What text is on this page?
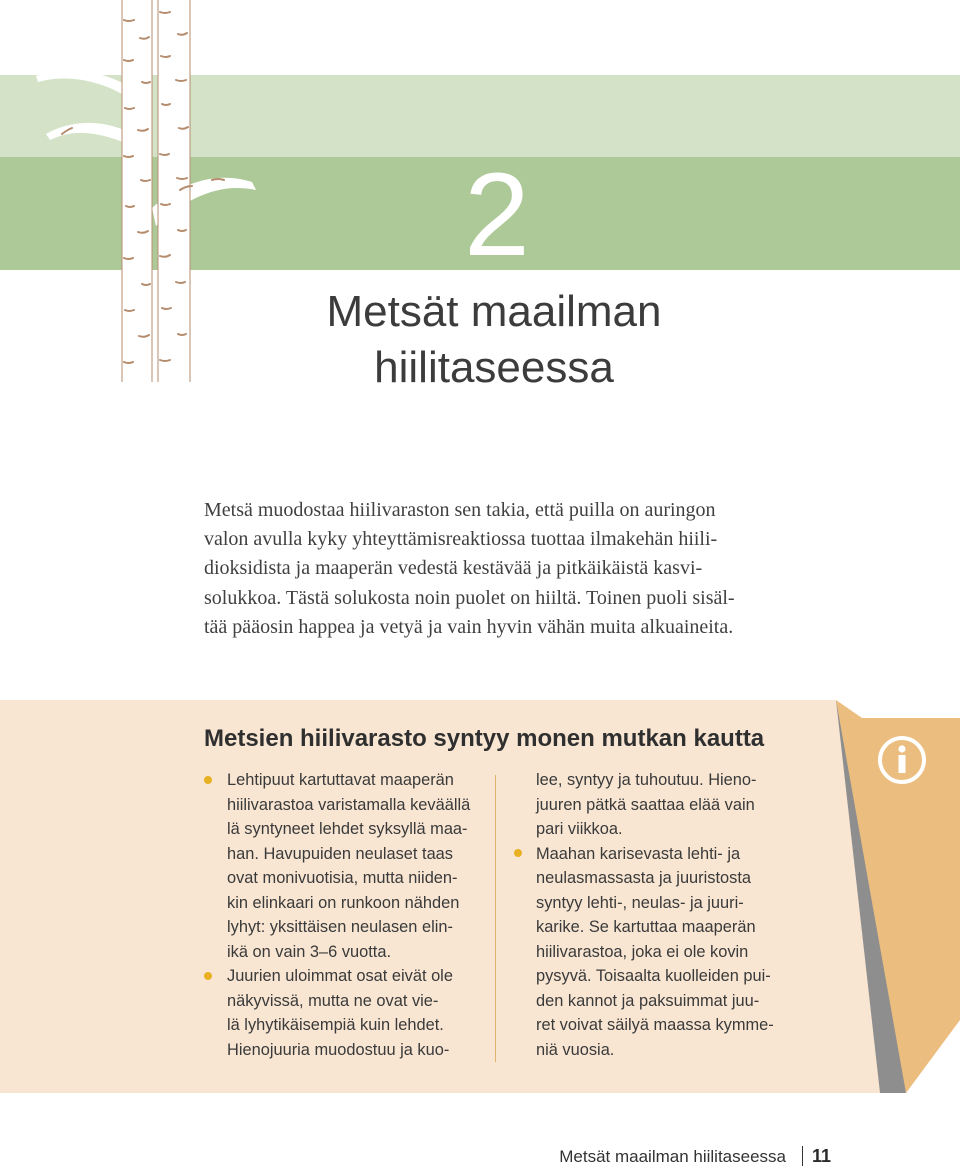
2
Metsät maailman
hiilitaseessa
Metsä muodostaa hiilivaraston sen takia, että puilla on auringon
valon avulla kyky yhteyttämisreaktiossa tuottaa ilmakehän hiili-
dioksidista ja maaperän vedestä kestävää ja pitkäikäistä kasvi-
solukkoa. Tästä solukosta noin puolet on hiiltä. Toinen puoli sisäl-
tää pääosin happea ja vetyä ja vain hyvin vähän muita alkuaineita.
Metsien hiilivarasto syntyy monen mutkan kautta
Lehtipuut kartuttavat maaperän
hiilivarastoa varistamalla keväällä
lä syntyneet lehdet syksyllä maa-
han. Havupuiden neulaset taas
ovat monivuotisia, mutta niiden-
kin elinkaari on runkoon nähden
lyhyt: yksittäisen neulasen elin-
ikä on vain 3–6 vuotta.
Juurien uloimmat osat eivät ole
näkyvissä, mutta ne ovat vie-
lä lyhytikäisempiä kuin lehdet.
Hienojuuria muodostuu ja kuo-
lee, syntyy ja tuhoutuu. Hieno-
juuren pätkä saattaa elää vain
pari viikkoa.
Maahan karisevasta lehti- ja
neulasmassasta ja juuristosta
syntyy lehti-, neulas- ja juuri-
karike. Se kartuttaa maaperän
hiilivarastoa, joka ei ole kovin
pysyvä. Toisaalta kuolleiden pui-
den kannot ja paksuimmat juu-
ret voivat säilyä maassa kymme-
niä vuosia.
Metsät maailman hiilitaseessa 11
